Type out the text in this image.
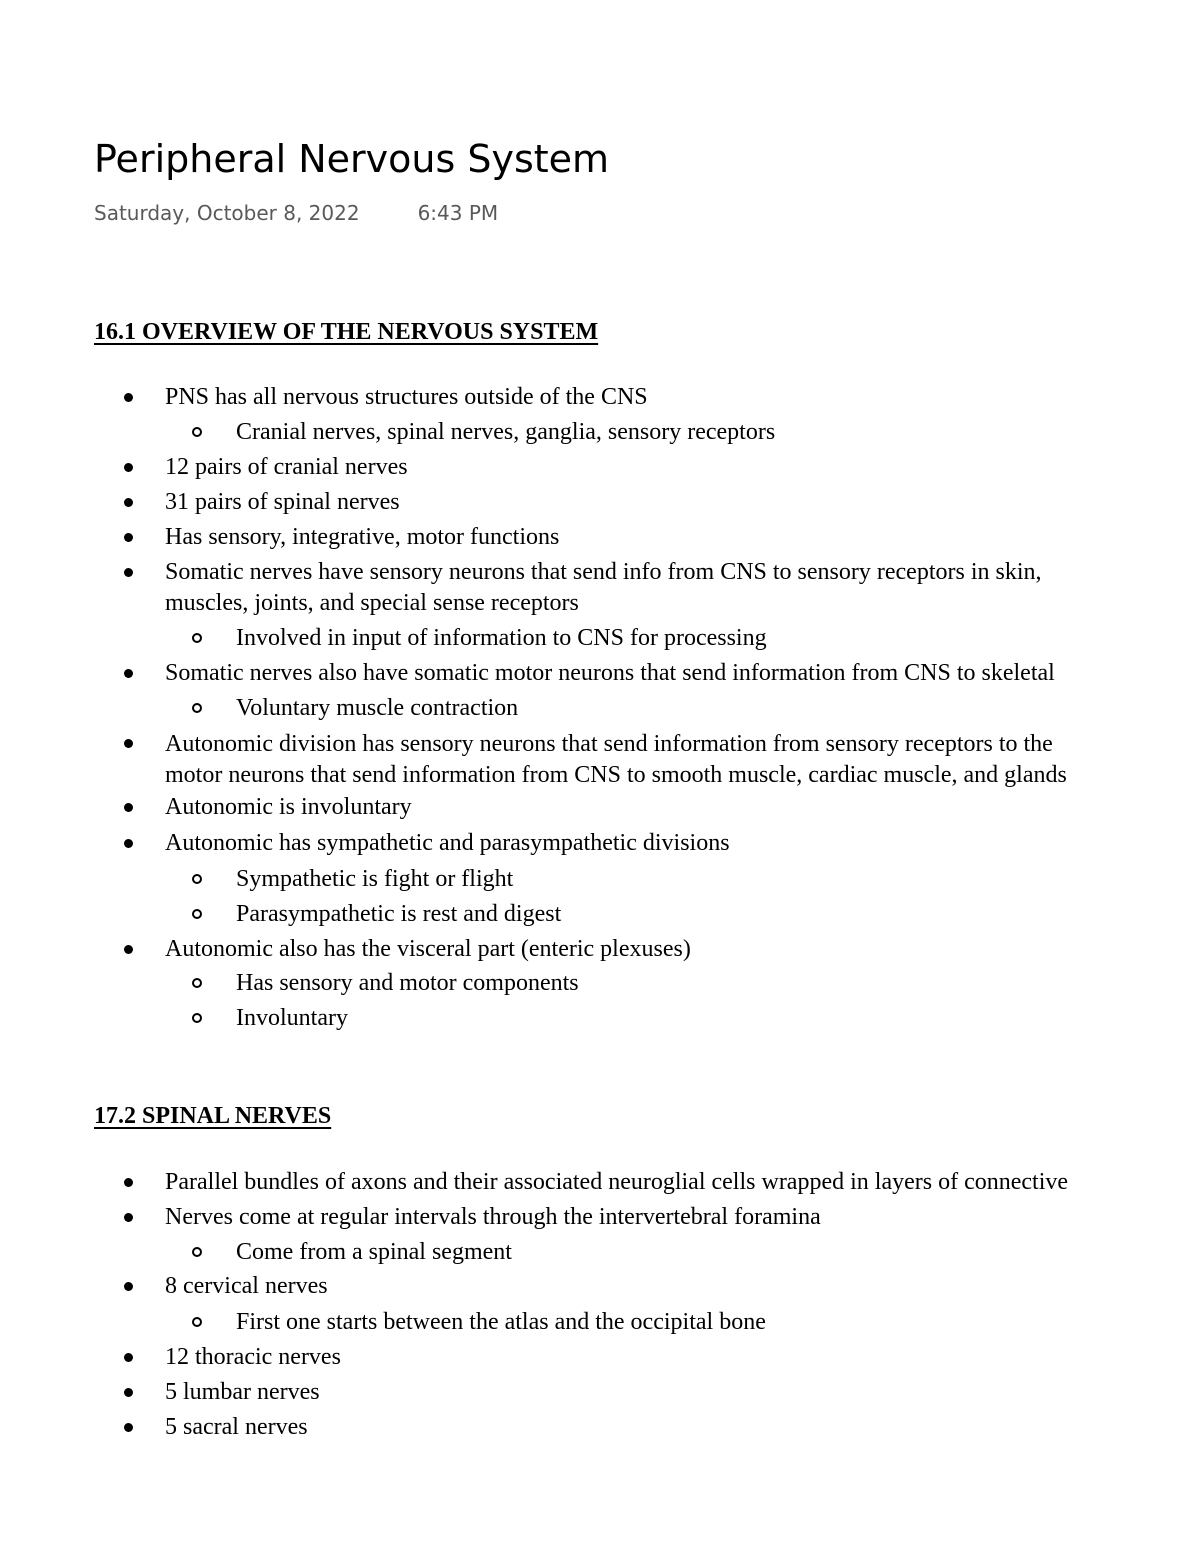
Peripheral Nervous System
Saturday, October 8, 2022	6:43 PM
16.1 OVERVIEW OF THE NERVOUS SYSTEM
PNS has all nervous structures outside of the CNS
Cranial nerves, spinal nerves, ganglia, sensory receptors
12 pairs of cranial nerves
31 pairs of spinal nerves
Has sensory, integrative, motor functions
Somatic nerves have sensory neurons that send info from CNS to sensory receptors in skin,
muscles, joints, and special sense receptors
Involved in input of information to CNS for processing
Somatic nerves also have somatic motor neurons that send information from CNS to skeletal
Voluntary muscle contraction
Autonomic division has sensory neurons that send information from sensory receptors to the
motor neurons that send information from CNS to smooth muscle, cardiac muscle, and glands
Autonomic is involuntary
Autonomic has sympathetic and parasympathetic divisions
Sympathetic is fight or flight
Parasympathetic is rest and digest
Autonomic also has the visceral part (enteric plexuses)
Has sensory and motor components
Involuntary
17.2 SPINAL NERVES
Parallel bundles of axons and their associated neuroglial cells wrapped in layers of connective
Nerves come at regular intervals through the intervertebral foramina
Come from a spinal segment
8 cervical nerves
First one starts between the atlas and the occipital bone
12 thoracic nerves
5 lumbar nerves
5 sacral nerves
